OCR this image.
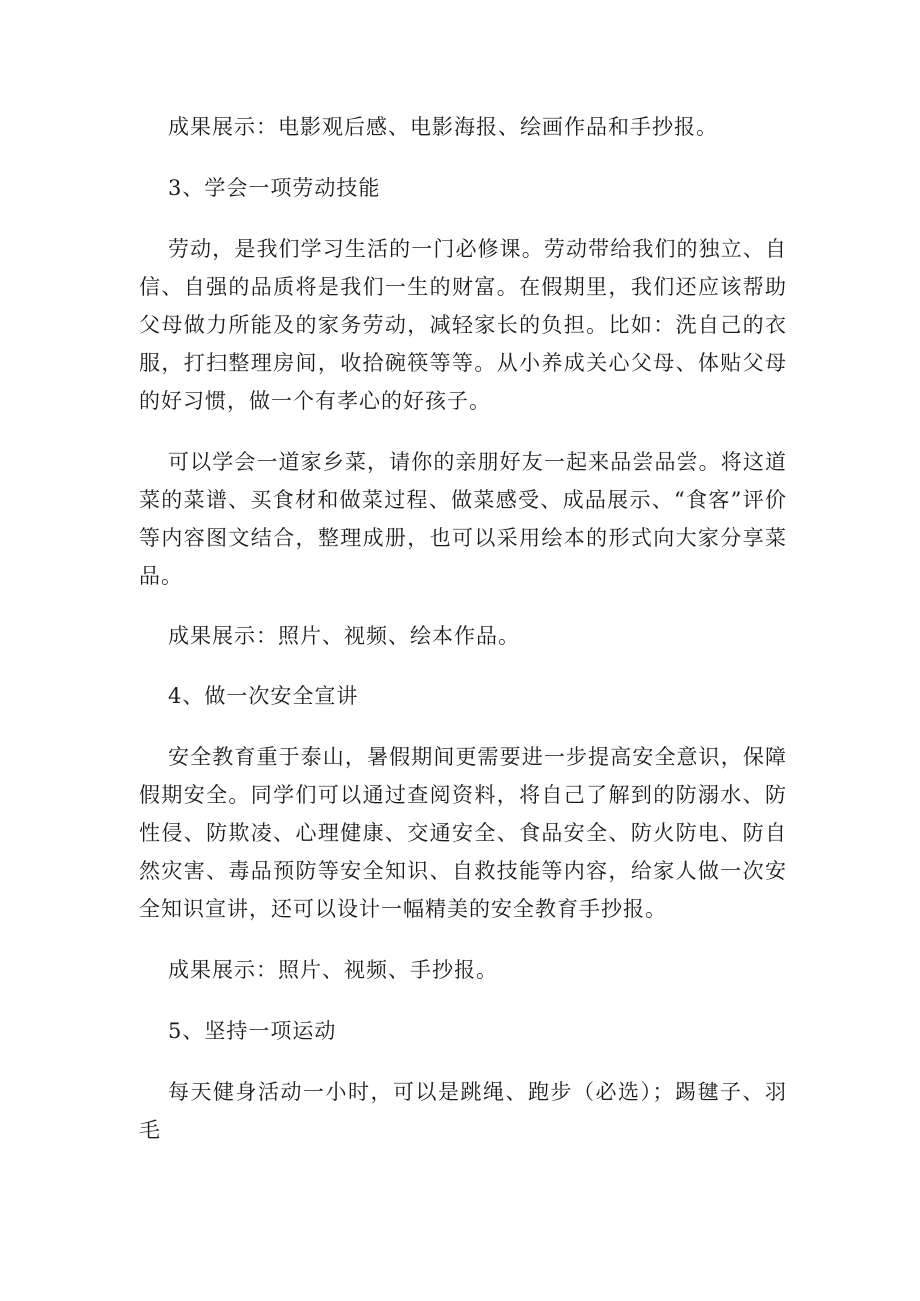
成果展示：电影观后感、电影海报、绘画作品和手抄报。

3、学会一项劳动技能

劳动，是我们学习生活的一门必修课。劳动带给我们的独立、自信、自强的品质将是我们一生的财富。在假期里，我们还应该帮助父母做力所能及的家务劳动，减轻家长的负担。比如：洗自己的衣服，打扫整理房间，收拾碗筷等等。从小养成关心父母、体贴父母的好习惯，做一个有孝心的好孩子。

可以学会一道家乡菜，请你的亲朋好友一起来品尝品尝。将这道菜的菜谱、买食材和做菜过程、做菜感受、成品展示、“食客”评价等内容图文结合，整理成册，也可以采用绘本的形式向大家分享菜品。

成果展示：照片、视频、绘本作品。

4、做一次安全宣讲

安全教育重于泰山，暑假期间更需要进一步提高安全意识，保障假期安全。同学们可以通过查阅资料，将自己了解到的防溺水、防性侵、防欺凌、心理健康、交通安全、食品安全、防火防电、防自然灾害、毒品预防等安全知识、自救技能等内容，给家人做一次安全知识宣讲，还可以设计一幅精美的安全教育手抄报。

成果展示：照片、视频、手抄报。

5、坚持一项运动

每天健身活动一小时，可以是跳绳、跑步（必选）；踢毽子、羽毛
